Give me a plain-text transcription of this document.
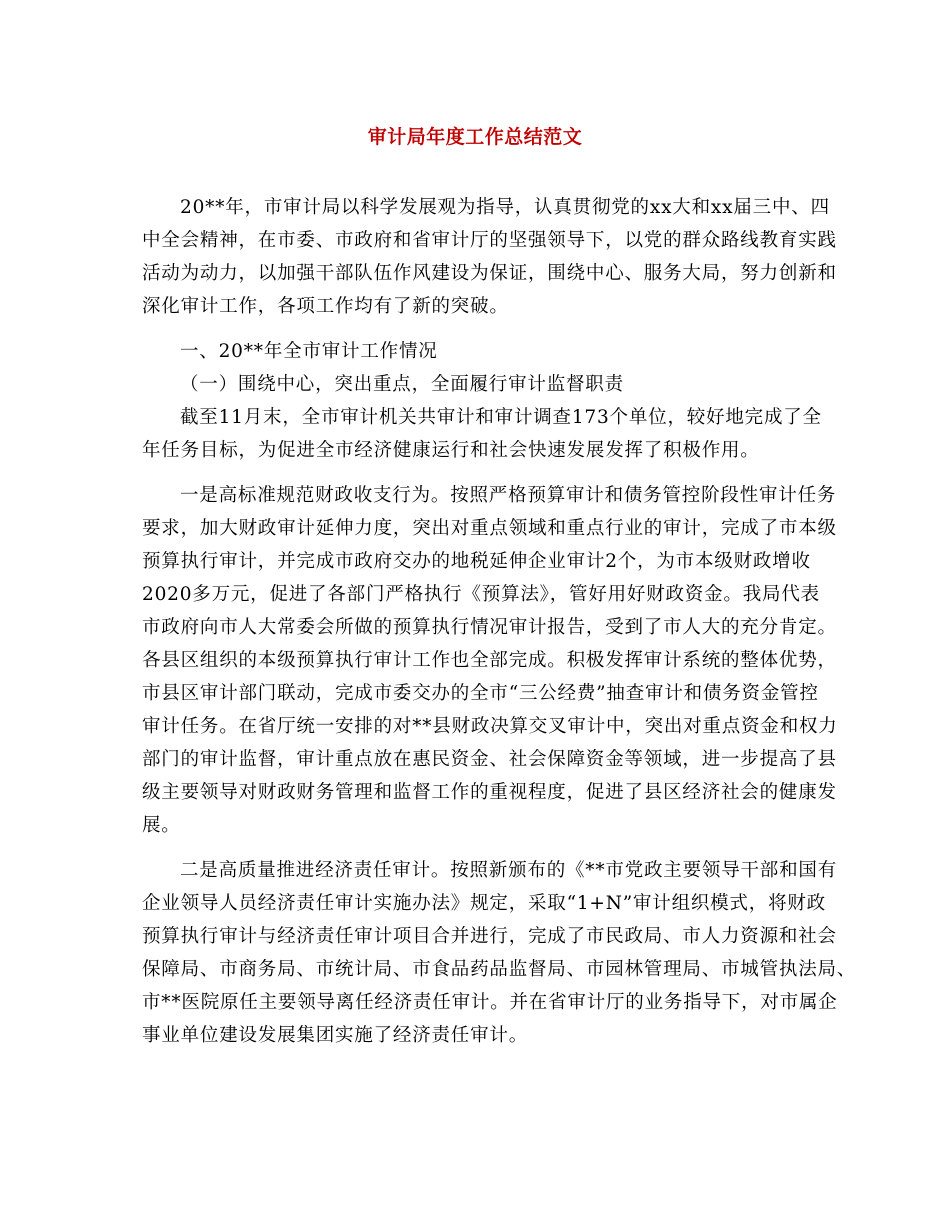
审计局年度工作总结范文
20**年，市审计局以科学发展观为指导，认真贯彻党的xx大和xx届三中、四
中全会精神，在市委、市政府和省审计厅的坚强领导下，以党的群众路线教育实践
活动为动力，以加强干部队伍作风建设为保证，围绕中心、服务大局，努力创新和
深化审计工作，各项工作均有了新的突破。
一、20**年全市审计工作情况
（一）围绕中心，突出重点，全面履行审计监督职责
截至11月末，全市审计机关共审计和审计调查173个单位，较好地完成了全
年任务目标，为促进全市经济健康运行和社会快速发展发挥了积极作用。
一是高标准规范财政收支行为。按照严格预算审计和债务管控阶段性审计任务
要求，加大财政审计延伸力度，突出对重点领域和重点行业的审计，完成了市本级
预算执行审计，并完成市政府交办的地税延伸企业审计2个，为市本级财政增收
2020多万元，促进了各部门严格执行《预算法》，管好用好财政资金。我局代表
市政府向市人大常委会所做的预算执行情况审计报告，受到了市人大的充分肯定。
各县区组织的本级预算执行审计工作也全部完成。积极发挥审计系统的整体优势，
市县区审计部门联动，完成市委交办的全市“三公经费”抽查审计和债务资金管控
审计任务。在省厅统一安排的对**县财政决算交叉审计中，突出对重点资金和权力
部门的审计监督，审计重点放在惠民资金、社会保障资金等领域，进一步提高了县
级主要领导对财政财务管理和监督工作的重视程度，促进了县区经济社会的健康发
展。
二是高质量推进经济责任审计。按照新颁布的《**市党政主要领导干部和国有
企业领导人员经济责任审计实施办法》规定，采取“1+N”审计组织模式，将财政
预算执行审计与经济责任审计项目合并进行，完成了市民政局、市人力资源和社会
保障局、市商务局、市统计局、市食品药品监督局、市园林管理局、市城管执法局、
市**医院原任主要领导离任经济责任审计。并在省审计厅的业务指导下，对市属企
事业单位建设发展集团实施了经济责任审计。
